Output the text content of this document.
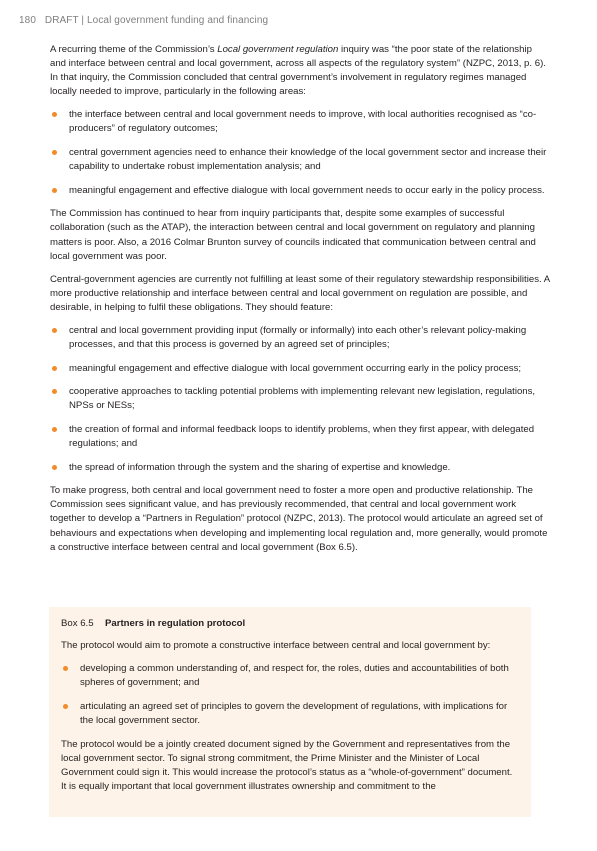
180 DRAFT | Local government funding and financing

A recurring theme of the Commission’s Local government regulation inquiry was “the poor state of the relationship and interface between central and local government, across all aspects of the regulatory system” (NZPC, 2013, p. 6). In that inquiry, the Commission concluded that central government’s involvement in regulatory regimes managed locally needed to improve, particularly in the following areas:

the interface between central and local government needs to improve, with local authorities recognised as “co-producers” of regulatory outcomes;
central government agencies need to enhance their knowledge of the local government sector and increase their capability to undertake robust implementation analysis; and
meaningful engagement and effective dialogue with local government needs to occur early in the policy process.

The Commission has continued to hear from inquiry participants that, despite some examples of successful collaboration (such as the ATAP), the interaction between central and local government on regulatory and planning matters is poor. Also, a 2016 Colmar Brunton survey of councils indicated that communication between central and local government was poor.

Central-government agencies are currently not fulfilling at least some of their regulatory stewardship responsibilities. A more productive relationship and interface between central and local government on regulation are possible, and desirable, in helping to fulfil these obligations. They should feature:

central and local government providing input (formally or informally) into each other’s relevant policy-making processes, and that this process is governed by an agreed set of principles;
meaningful engagement and effective dialogue with local government occurring early in the policy process;
cooperative approaches to tackling potential problems with implementing relevant new legislation, regulations, NPSs or NESs;
the creation of formal and informal feedback loops to identify problems, when they first appear, with delegated regulations; and
the spread of information through the system and the sharing of expertise and knowledge.

To make progress, both central and local government need to foster a more open and productive relationship. The Commission sees significant value, and has previously recommended, that central and local government work together to develop a “Partners in Regulation” protocol (NZPC, 2013). The protocol would articulate an agreed set of behaviours and expectations when developing and implementing local regulation and, more generally, would promote a constructive interface between central and local government (Box 6.5).

Box 6.5 Partners in regulation protocol

The protocol would aim to promote a constructive interface between central and local government by:

developing a common understanding of, and respect for, the roles, duties and accountabilities of both spheres of government; and
articulating an agreed set of principles to govern the development of regulations, with implications for the local government sector.

The protocol would be a jointly created document signed by the Government and representatives from the local government sector. To signal strong commitment, the Prime Minister and the Minister of Local Government could sign it. This would increase the protocol’s status as a “whole-of-government” document. It is equally important that local government illustrates ownership and commitment to the
